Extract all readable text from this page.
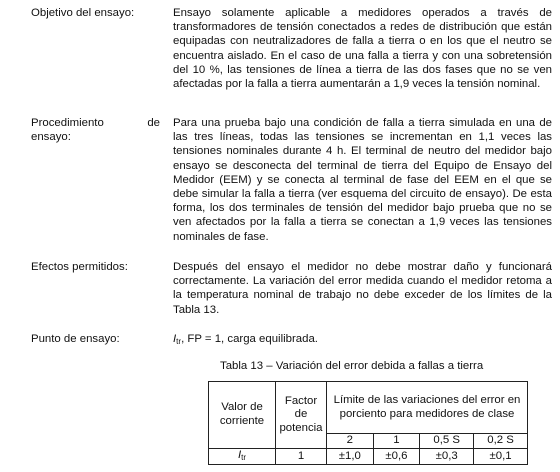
Objetivo del ensayo:	Ensayo solamente aplicable a medidores operados a través de transformadores de tensión conectados a redes de distribución que están equipadas con neutralizadores de falla a tierra o en los que el neutro se encuentra aislado. En el caso de una falla a tierra y con una sobretensión del 10 %, las tensiones de línea a tierra de las dos fases que no se ven afectadas por la falla a tierra aumentarán a 1,9 veces la tensión nominal.
Procedimiento de ensayo:
Para una prueba bajo una condición de falla a tierra simulada en una de las tres líneas, todas las tensiones se incrementan en 1,1 veces las tensiones nominales durante 4 h. El terminal de neutro del medidor bajo ensayo se desconecta del terminal de tierra del Equipo de Ensayo del Medidor (EEM) y se conecta al terminal de fase del EEM en el que se debe simular la falla a tierra (ver esquema del circuito de ensayo). De esta forma, los dos terminales de tensión del medidor bajo prueba que no se ven afectados por la falla a tierra se conectan a 1,9 veces las tensiones nominales de fase.
Efectos permitidos:	Después del ensayo el medidor no debe mostrar daño y funcionará correctamente. La variación del error medida cuando el medidor retoma a la temperatura nominal de trabajo no debe exceder de los límites de la Tabla 13.
Punto de ensayo:	$I_{tr}$, FP = 1, carga equilibrada.
Tabla 13 – Variación del error debida a fallas a tierra
Valor de corriente	Factor de potencia	Límite de las variaciones del error en porciento para medidores de clase			
		2	1	0,5 S	0,2 S
$I_{tr}$	1	±1,0	±0,6	±0,3	±0,1
